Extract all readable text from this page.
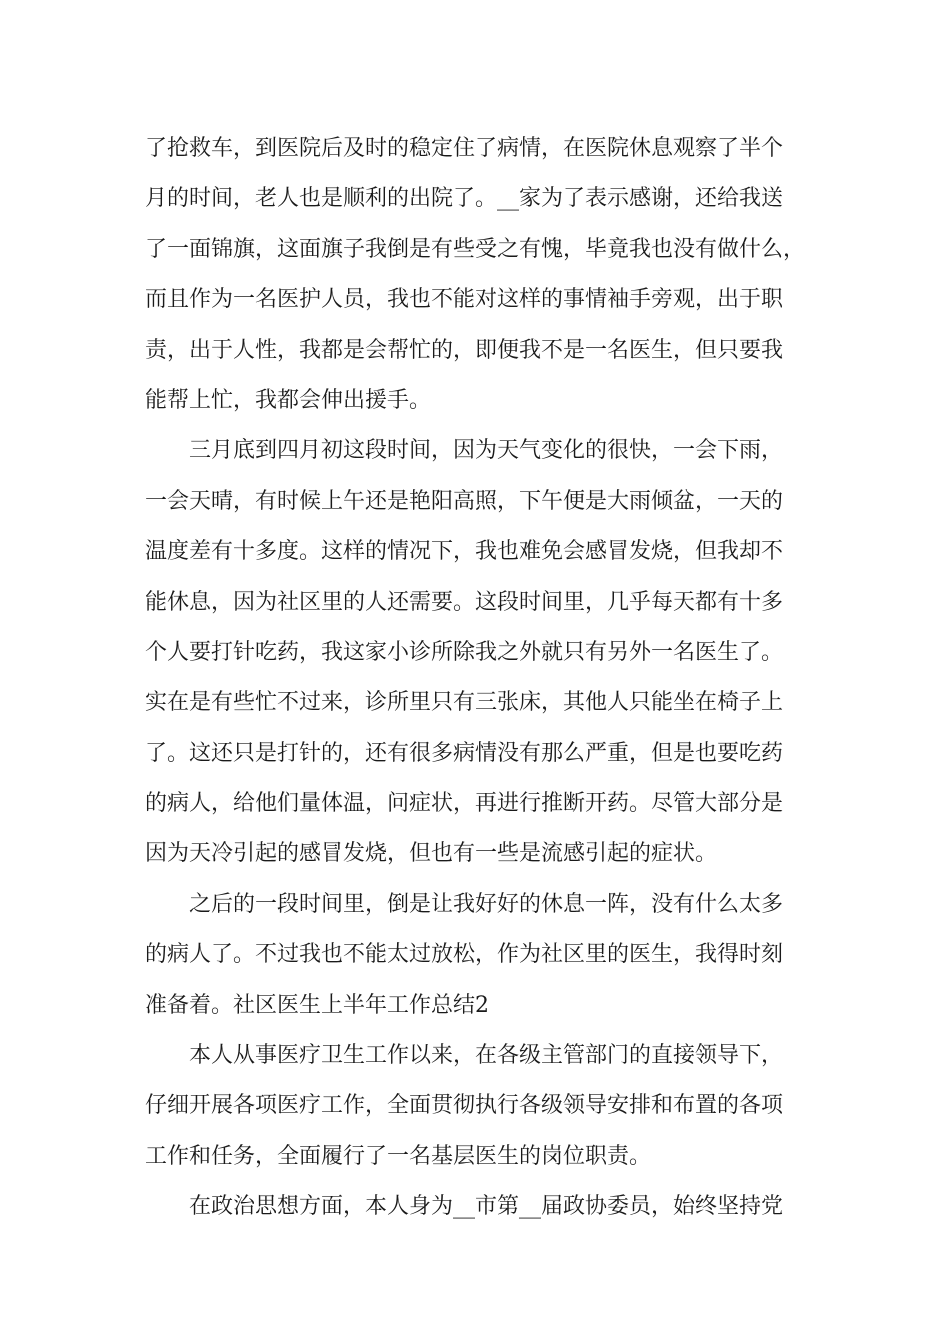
了抢救车，到医院后及时的稳定住了病情，在医院休息观察了半个
月的时间，老人也是顺利的出院了。__家为了表示感谢，还给我送
了一面锦旗，这面旗子我倒是有些受之有愧，毕竟我也没有做什么，
而且作为一名医护人员，我也不能对这样的事情袖手旁观，出于职
责，出于人性，我都是会帮忙的，即便我不是一名医生，但只要我
能帮上忙，我都会伸出援手。
三月底到四月初这段时间，因为天气变化的很快，一会下雨，
一会天晴，有时候上午还是艳阳高照，下午便是大雨倾盆，一天的
温度差有十多度。这样的情况下，我也难免会感冒发烧，但我却不
能休息，因为社区里的人还需要。这段时间里，几乎每天都有十多
个人要打针吃药，我这家小诊所除我之外就只有另外一名医生了。
实在是有些忙不过来，诊所里只有三张床，其他人只能坐在椅子上
了。这还只是打针的，还有很多病情没有那么严重，但是也要吃药
的病人，给他们量体温，问症状，再进行推断开药。尽管大部分是
因为天冷引起的感冒发烧，但也有一些是流感引起的症状。
之后的一段时间里，倒是让我好好的休息一阵，没有什么太多
的病人了。不过我也不能太过放松，作为社区里的医生，我得时刻
准备着。社区医生上半年工作总结2
本人从事医疗卫生工作以来，在各级主管部门的直接领导下，
仔细开展各项医疗工作，全面贯彻执行各级领导安排和布置的各项
工作和任务，全面履行了一名基层医生的岗位职责。
在政治思想方面，本人身为__市第__届政协委员，始终坚持党
